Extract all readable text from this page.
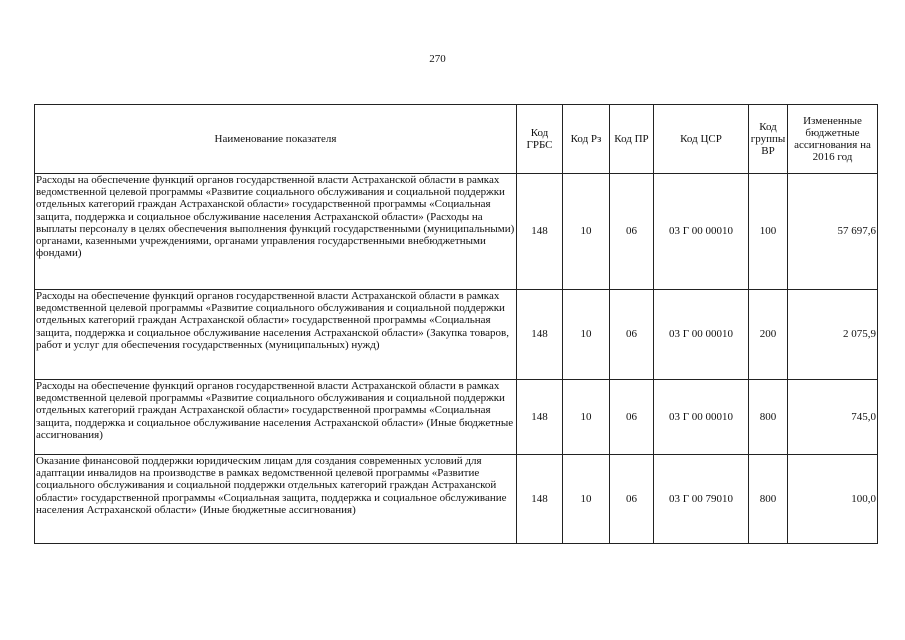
270
Наименование показателя	Код ГРБС	Код Рз	Код ПР	Код ЦСР	Код группы ВР	Измененные бюджетные ассигнования на 2016 год
Расходы на обеспечение функций органов государственной власти Астраханской области в рамках ведомственной целевой программы «Развитие социального обслуживания и социальной поддержки отдельных категорий граждан Астраханской области» государственной программы «Социальная защита, поддержка и социальное обслуживание населения Астраханской области» (Расходы на выплаты персоналу в целях обеспечения выполнения функций государственными (муниципальными) органами, казенными учреждениями, органами управления государственными внебюджетными фондами)	148	10	06	03 Г 00 00010	100	57 697,6
Расходы на обеспечение функций органов государственной власти Астраханской области в рамках ведомственной целевой программы «Развитие социального обслуживания и социальной поддержки отдельных категорий граждан Астраханской области» государственной программы «Социальная защита, поддержка и социальное обслуживание населения Астраханской области» (Закупка товаров, работ и услуг для обеспечения государственных (муниципальных) нужд)	148	10	06	03 Г 00 00010	200	2 075,9
Расходы на обеспечение функций органов государственной власти Астраханской области в рамках ведомственной целевой программы «Развитие социального обслуживания и социальной поддержки отдельных категорий граждан Астраханской области» государственной программы «Социальная защита, поддержка и социальное обслуживание населения Астраханской области» (Иные бюджетные ассигнования)	148	10	06	03 Г 00 00010	800	745,0
Оказание финансовой поддержки юридическим лицам для создания современных условий для адаптации инвалидов на производстве в рамках ведомственной целевой программы «Развитие социального обслуживания и социальной поддержки отдельных категорий граждан Астраханской области» государственной программы «Социальная защита, поддержка и социальное обслуживание населения Астраханской области» (Иные бюджетные ассигнования)	148	10	06	03 Г 00 79010	800	100,0
